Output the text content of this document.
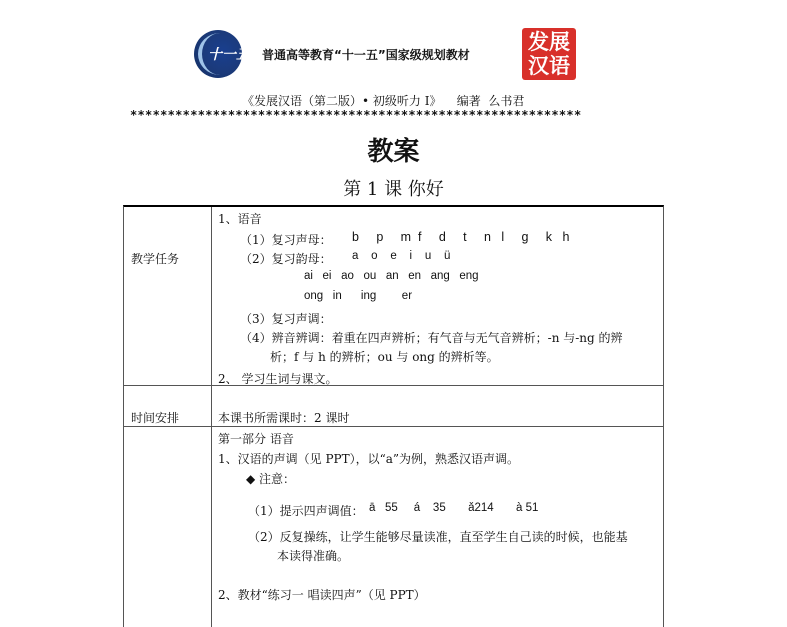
十一五 普通高等教育“十一五”国家级规划教材
发展
汉语
《发展汉语（第二版）• 初级听力 I》    编著  么书君
************************************************************
教案
第 1 课 你好
教学任务
1、语音
（1）复习声母： b     p     m  f     d     t     n   l     g     k   h
（2）复习韵母： a    o    e    i    u    ü
ai   ei   ao   ou   an   en   ang   eng
ong   in      ing        er
（3）复习声调：
（4）辨音辨调：着重在四声辨析；有气音与无气音辨析；-n 与-ng 的辨
析；f 与 h 的辨析；ou 与 ong 的辨析等。
2、 学习生词与课文。
时间安排	本课书所需课时：2 课时
第一部分 语音
1、汉语的声调（见 PPT），以“a”为例，熟悉汉语声调。
◆ 注意：
（1）提示四声调值： ā   55     á    35       ǎ214       à 51
（2）反复操练，让学生能够尽量读准，直至学生自己读的时候，也能基
本读得准确。
2、教材“练习一 唱读四声”（见 PPT）
